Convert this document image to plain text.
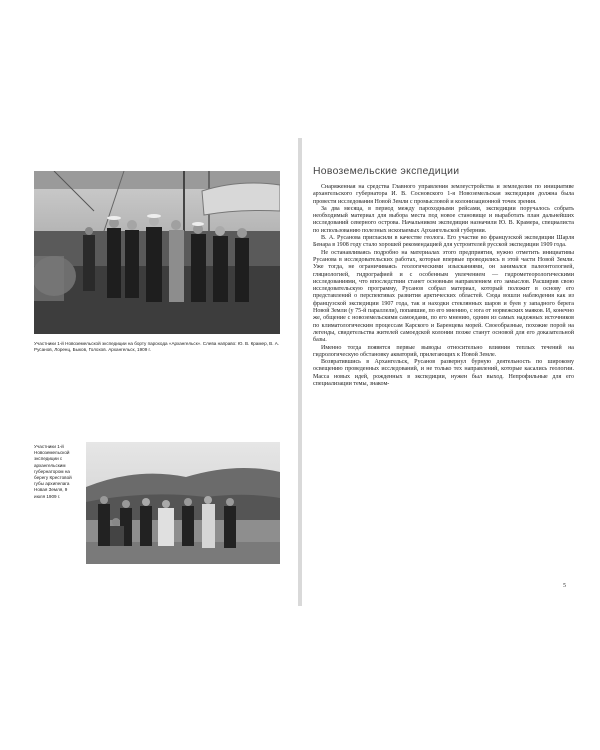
Участники 1-й Новоземельской экспедиции на борту парохода «Архангельск». Слева направо: Ю. В. Крамер, В. А. Русанов, Лоренц, Быков, Голохов. Архангельск, 1909 г.
Участники 1-й Новоземельской экспедиции с архангельским губернатором на берегу Крестовой губы архипелага Новая Земля, 9 июля 1909 г.
Новоземельские экспедиции

Снаряженная на средства Главного управления землеустройства и земледелия по инициативе архангельского губернатора И. В. Сосновского 1-я Новоземельская экспедиция должна была провести исследования Новой Земли с промысловой и колонизационной точек зрения.

За два месяца, в период между пароходными рейсами, экспедиции поручалось собрать необходимый материал для выбора места под новое становище и выработать план дальнейших исследований северного острова. Начальником экспедиции назначили Ю. В. Крамера, специалиста по использованию полезных ископаемых Архангельской губернии.

В. А. Русанова пригласили в качестве геолога. Его участие во французской экспедиции Шарля Бенара в 1908 году стало хорошей рекомендацией для устроителей русской экспедиции 1909 года.

Не останавливаясь подробно на материалах этого предприятия, нужно отметить инициативы Русанова в исследовательских работах, которые впервые проводились в этой части Новой Земли. Уже тогда, не ограничиваясь геологическими изысканиями, он занимался палеонтологией, гляциологией, гидрографией и с особенным увлечением — гидрометеорологическими исследованиями, что впоследствии станет основным направлением его замыслов. Расширив свою исследовательскую программу, Русанов собрал материал, который положит в основу его представлений о перспективах развития арктических областей. Сюда вошли наблюдения как из французской экспедиции 1907 года, так и находки стеклянных шаров и буев у западного берега Новой Земли (у 75-й параллели), попавшие, по его мнению, с юга от норвежских маяков. И, конечно же, общение с новоземельскими самоедами, по его мнению, одним из самых надежных источников по климатологическим процессам Карского и Баренцева морей. Своеобразные, похожие порой на легенды, свидетельства жителей самоедской колонии позже станут основой для его доказательной базы.

Именно тогда появятся первые выводы относительно влияния теплых течений на гидрологическую обстановку акваторий, прилегающих к Новой Земле.

Возвратившись в Архангельск, Русанов развернул бурную деятельность по широкому освещению проведенных исследований, и не только тех направлений, которые касались геологии. Масса новых идей, рожденных в экспедиции, нужен был выход. Непрофильные для его специализации темы, знаком-

5
